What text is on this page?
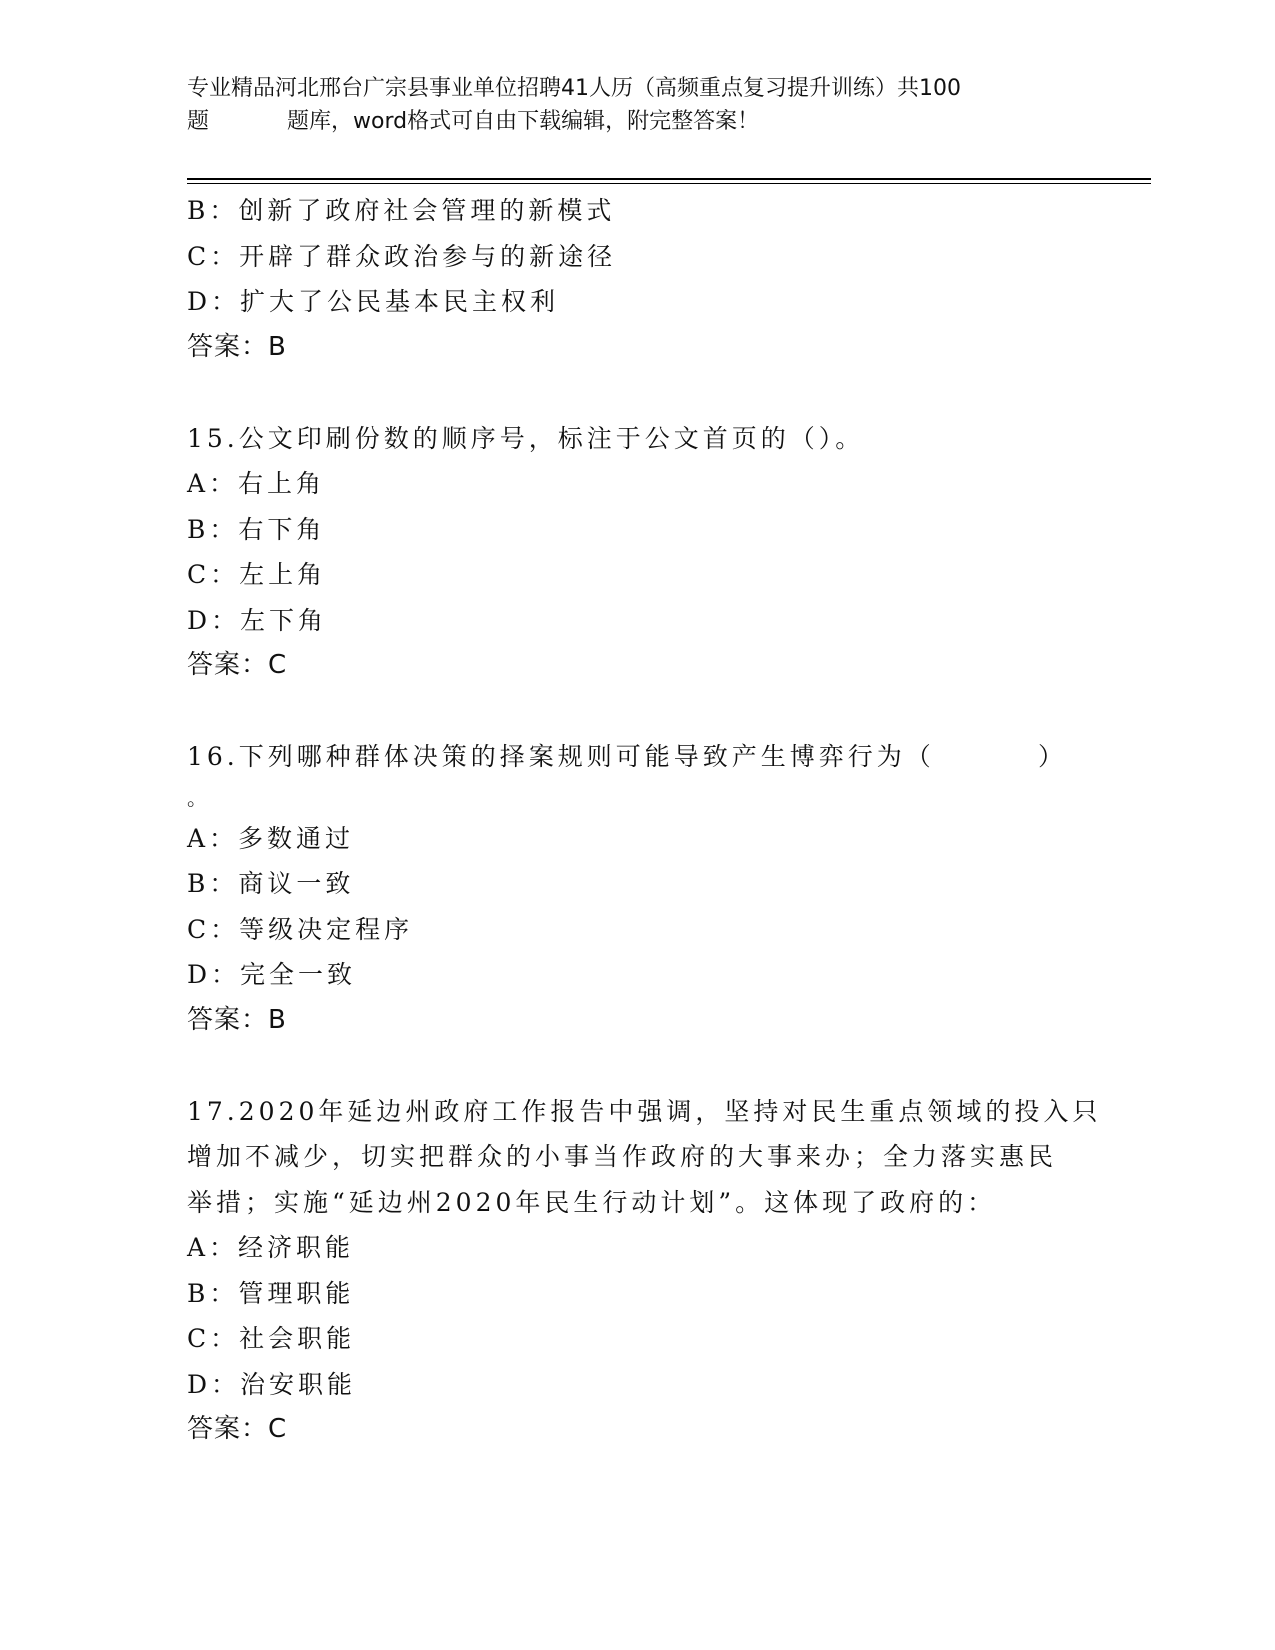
专业精品河北邢台广宗县事业单位招聘41人历（高频重点复习提升训练）共100
题	题库，word格式可自由下载编辑，附完整答案！
B：创新了政府社会管理的新模式
C：开辟了群众政治参与的新途径
D：扩大了公民基本民主权利
答案：B
15.公文印刷份数的顺序号，标注于公文首页的（）。
A：右上角
B：右下角
C：左上角
D：左下角
答案：C
16.下列哪种群体决策的择案规则可能导致产生博弈行为（	）
。
A：多数通过
B：商议一致
C：等级决定程序
D：完全一致
答案：B
17.2020年延边州政府工作报告中强调，坚持对民生重点领域的投入只
增加不减少，切实把群众的小事当作政府的大事来办；全力落实惠民
举措；实施“延边州2020年民生行动计划”。这体现了政府的：
A：经济职能
B：管理职能
C：社会职能
D：治安职能
答案：C
